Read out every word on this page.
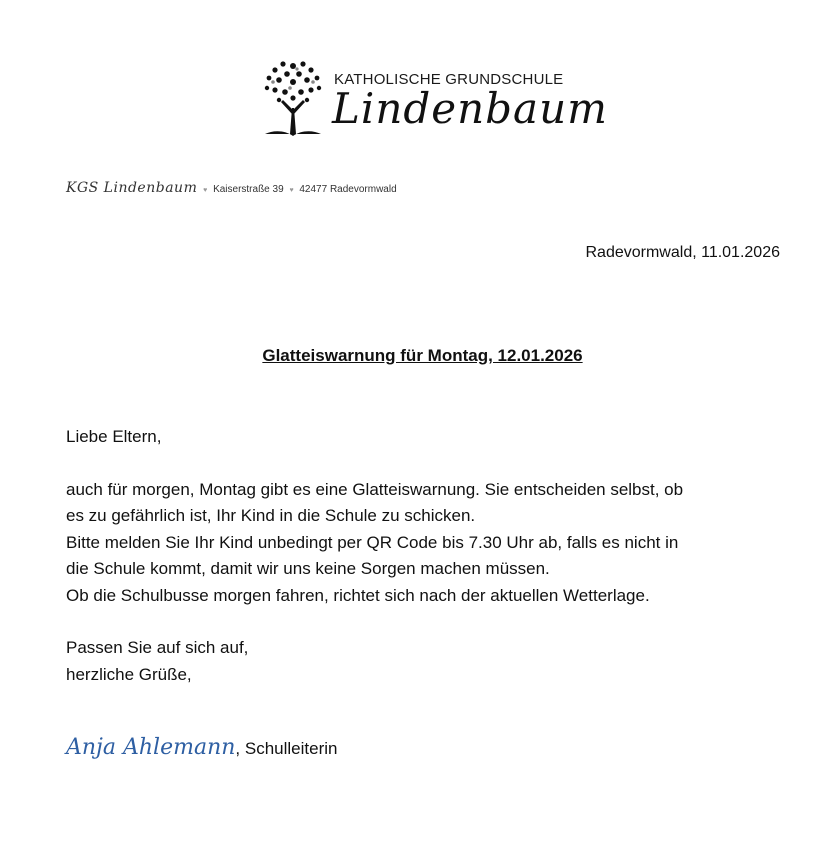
KATHOLISCHE GRUNDSCHULE
Lindenbaum
KGS Lindenbaum ♥ Kaiserstraße 39 ♥ 42477 Radevormwald
Radevormwald, 11.01.2026
Glatteiswarnung für Montag, 12.01.2026

Liebe Eltern,

auch für morgen, Montag gibt es eine Glatteiswarnung. Sie entscheiden selbst, ob

es zu gefährlich ist, Ihr Kind in die Schule zu schicken.

Bitte melden Sie Ihr Kind unbedingt per QR Code bis 7.30 Uhr ab, falls es nicht in

die Schule kommt, damit wir uns keine Sorgen machen müssen.

Ob die Schulbusse morgen fahren, richtet sich nach der aktuellen Wetterlage.

Passen Sie auf sich auf,

herzliche Grüße,

Anja Ahlemann, Schulleiterin
